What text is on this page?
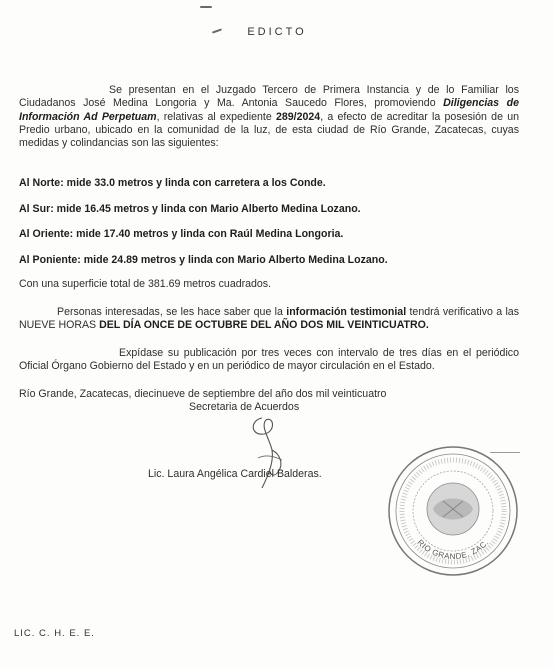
EDICTO
Se presentan en el Juzgado Tercero de Primera Instancia y de lo Familiar los Ciudadanos José Medina Longoria y Ma. Antonia Saucedo Flores, promoviendo Diligencias de Información Ad Perpetuam, relativas al expediente 289/2024, a efecto de acreditar la posesión de un Predio urbano, ubicado en la comunidad de la luz, de esta ciudad de Río Grande, Zacatecas, cuyas medidas y colindancias son las siguientes:
Al Norte: mide 33.0 metros y linda con carretera a los Conde.
Al Sur: mide 16.45 metros y linda con Mario Alberto Medina Lozano.
Al Oriente: mide 17.40 metros y linda con Raúl Medina Longoria.
Al Poniente: mide 24.89 metros y linda con Mario Alberto Medina Lozano.
Con una superficie total de 381.69 metros cuadrados.
Personas interesadas, se les hace saber que la información testimonial tendrá verificativo a las NUEVE HORAS DEL DÍA ONCE DE OCTUBRE DEL AÑO DOS MIL VEINTICUATRO.
Expídase su publicación por tres veces con intervalo de tres días en el periódico Oficial Órgano Gobierno del Estado y en un periódico de mayor circulación en el Estado.
Río Grande, Zacatecas, diecinueve de septiembre del año dos mil veinticuatro
Secretaria de Acuerdos
Lic. Laura Angélica Cardiel Balderas.
RIO GRANDE, ZAC.
LIC. C. H. E. E.
